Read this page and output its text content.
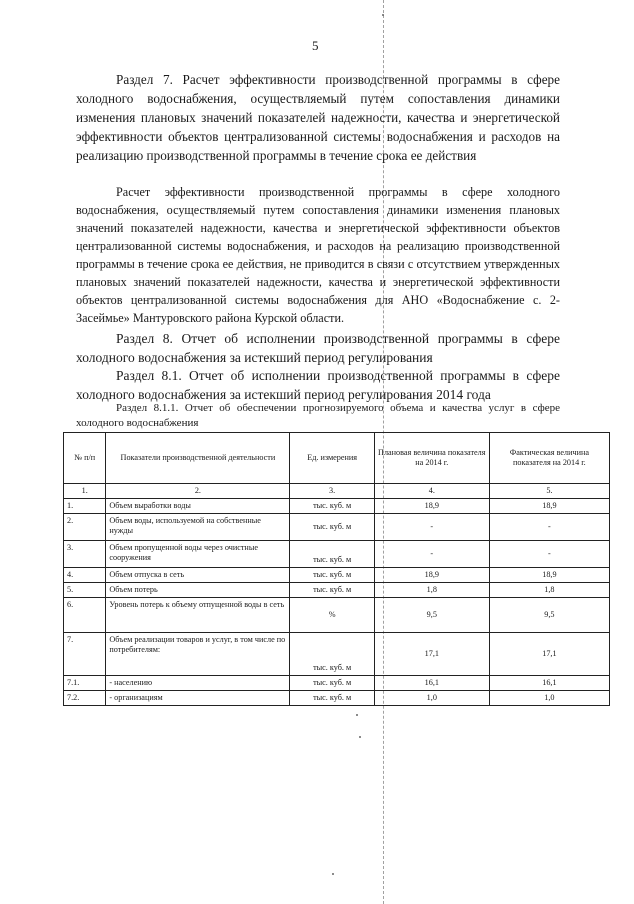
5
Раздел 7. Расчет эффективности производственной программы в сфере холодного водоснабжения, осуществляемый путем сопоставления динамики изменения плановых значений показателей надежности, качества и энергетической эффективности объектов централизованной системы водоснабжения и расходов на реализацию производственной программы в течение срока ее действия
Расчет эффективности производственной программы в сфере холодного водоснабжения, осуществляемый путем сопоставления динамики изменения плановых значений показателей надежности, качества и энергетической эффективности объектов централизованной системы водоснабжения, и расходов на реализацию производственной программы в течение срока ее действия, не приводится в связи с отсутствием утвержденных плановых значений показателей надежности, качества и энергетической эффективности объектов централизованной системы водоснабжения для АНО «Водоснабжение с. 2-Засеймье» Мантуровского района Курской области.
Раздел 8. Отчет об исполнении производственной программы в сфере холодного водоснабжения за истекший период регулирования
Раздел 8.1. Отчет об исполнении производственной программы в сфере холодного водоснабжения за истекший период регулирования 2014 года
Раздел 8.1.1. Отчет об обеспечении прогнозируемого объема и качества услуг в сфере холодного водоснабжения
№ п/п	Показатели производственной деятельности	Ед. измерения	Плановая величина показателя на 2014 г.	Фактическая величина показателя на 2014 г.
1.	2.	3.	4.	5.
1.	Объем выработки воды	тыс. куб. м	18,9	18,9
2.	Объем воды, используемой на собственные нужды	тыс. куб. м	-	-
3.	Объем пропущенной воды через очистные сооружения	тыс. куб. м	-	-
4.	Объем отпуска в сеть	тыс. куб. м	18,9	18,9
5.	Объем потерь	тыс. куб. м	1,8	1,8
6.	Уровень потерь к объему отпущенной воды в сеть	%	9,5	9,5
7.	Объем реализации товаров и услуг, в том числе по потребителям:	тыс. куб. м	17,1	17,1
7.1.	- населению	тыс. куб. м	16,1	16,1
7.2.	- организациям	тыс. куб. м	1,0	1,0
